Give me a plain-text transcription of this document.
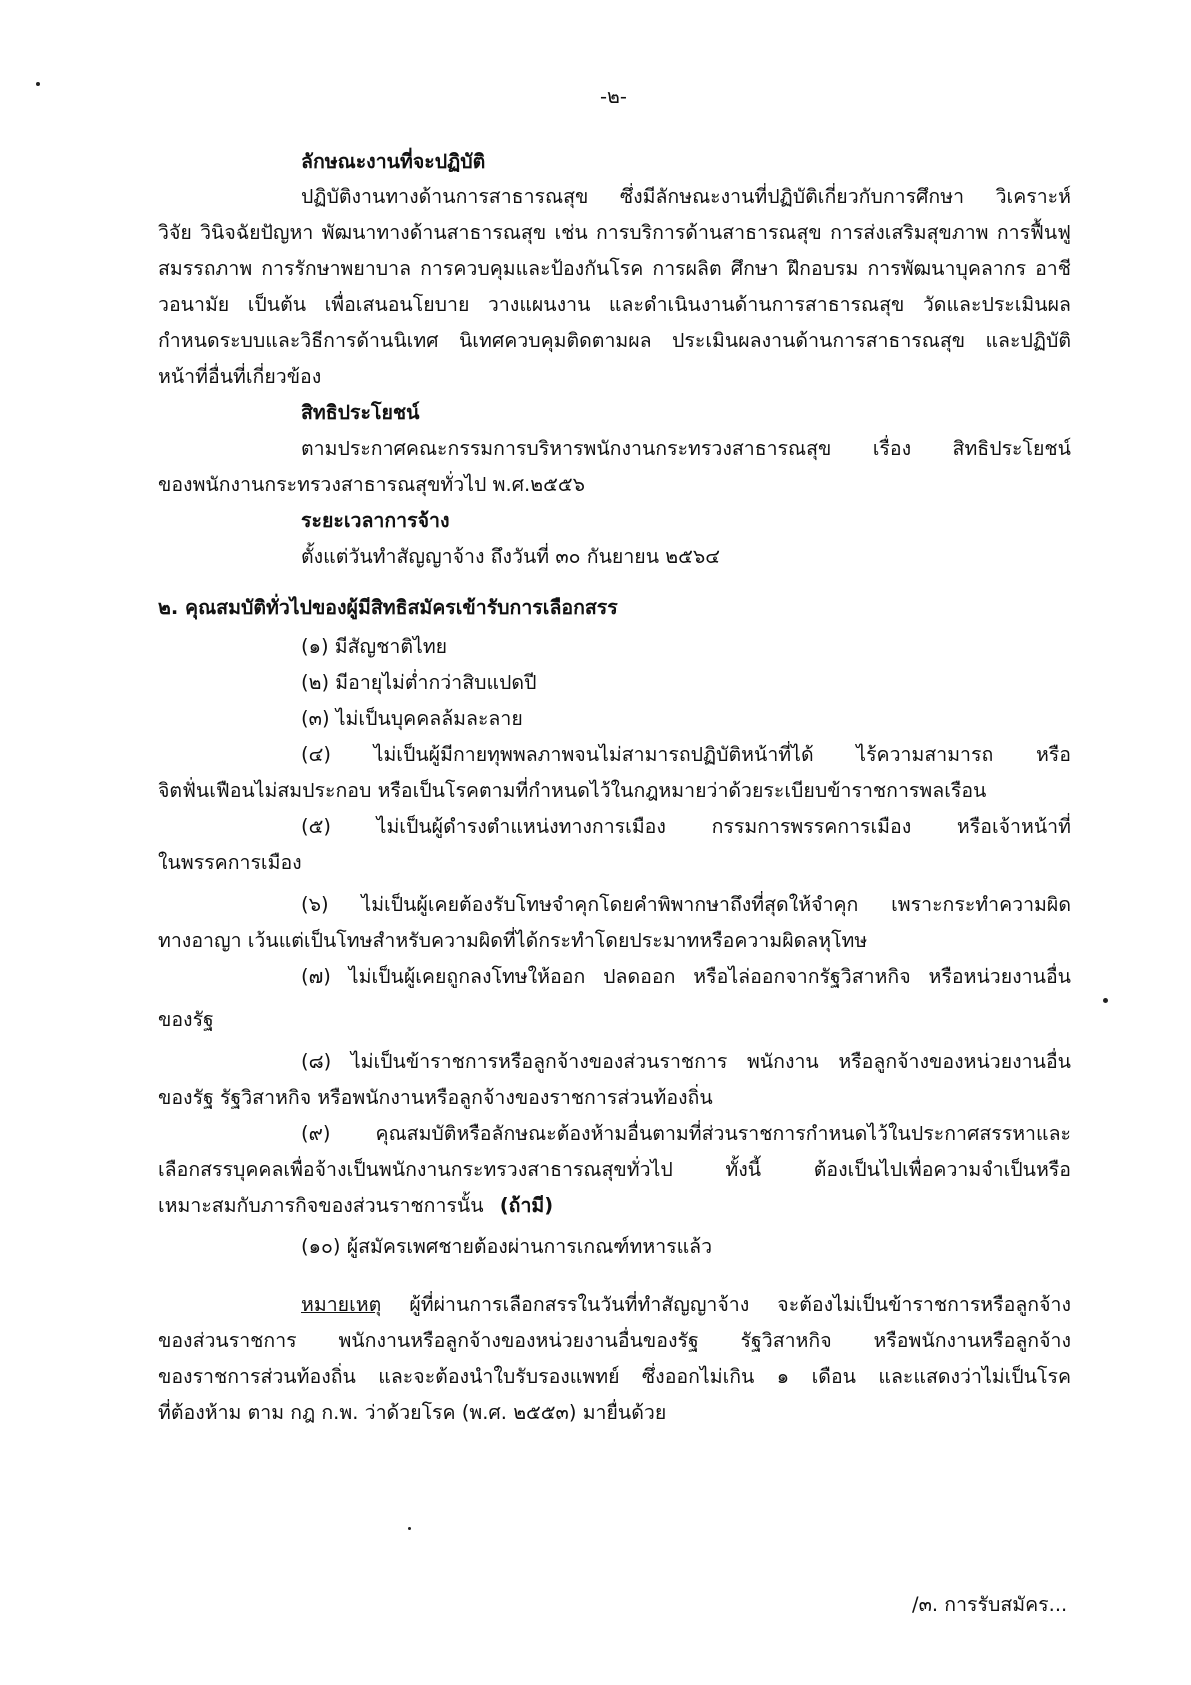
-๒-
ลักษณะงานที่จะปฏิบัติ
ปฏิบัติงานทางด้านการสาธารณสุข ซึ่งมีลักษณะงานที่ปฏิบัติเกี่ยวกับการศึกษา วิเคราะห์
วิจัย วินิจฉัยปัญหา พัฒนาทางด้านสาธารณสุข เช่น การบริการด้านสาธารณสุข การส่งเสริมสุขภาพ การฟื้นฟู
สมรรถภาพ การรักษาพยาบาล การควบคุมและป้องกันโรค การผลิต ศึกษา ฝึกอบรม การพัฒนาบุคลากร อาชี
วอนามัย เป็นต้น เพื่อเสนอนโยบาย วางแผนงาน และดำเนินงานด้านการสาธารณสุข วัดและประเมินผล
กำหนดระบบและวิธีการด้านนิเทศ นิเทศควบคุมติดตามผล ประเมินผลงานด้านการสาธารณสุข และปฏิบัติ
หน้าที่อื่นที่เกี่ยวข้อง
สิทธิประโยชน์
ตามประกาศคณะกรรมการบริหารพนักงานกระทรวงสาธารณสุข เรื่อง สิทธิประโยชน์
ของพนักงานกระทรวงสาธารณสุขทั่วไป พ.ศ.๒๕๕๖
ระยะเวลาการจ้าง
ตั้งแต่วันทำสัญญาจ้าง ถึงวันที่ ๓๐ กันยายน ๒๕๖๔
๒. คุณสมบัติทั่วไปของผู้มีสิทธิสมัครเข้ารับการเลือกสรร
(๑) มีสัญชาติไทย
(๒) มีอายุไม่ต่ำกว่าสิบแปดปี
(๓) ไม่เป็นบุคคลล้มละลาย
(๔) ไม่เป็นผู้มีกายทุพพลภาพจนไม่สามารถปฏิบัติหน้าที่ได้ ไร้ความสามารถ หรือ
จิตฟั่นเฟือนไม่สมประกอบ หรือเป็นโรคตามที่กำหนดไว้ในกฎหมายว่าด้วยระเบียบข้าราชการพลเรือน
(๕) ไม่เป็นผู้ดำรงตำแหน่งทางการเมือง กรรมการพรรคการเมือง หรือเจ้าหน้าที่
ในพรรคการเมือง
(๖) ไม่เป็นผู้เคยต้องรับโทษจำคุกโดยคำพิพากษาถึงที่สุดให้จำคุก เพราะกระทำความผิด
ทางอาญา เว้นแต่เป็นโทษสำหรับความผิดที่ได้กระทำโดยประมาทหรือความผิดลหุโทษ
(๗) ไม่เป็นผู้เคยถูกลงโทษให้ออก ปลดออก หรือไล่ออกจากรัฐวิสาหกิจ หรือหน่วยงานอื่น
ของรัฐ
(๘) ไม่เป็นข้าราชการหรือลูกจ้างของส่วนราชการ พนักงาน หรือลูกจ้างของหน่วยงานอื่น
ของรัฐ รัฐวิสาหกิจ หรือพนักงานหรือลูกจ้างของราชการส่วนท้องถิ่น
(๙) คุณสมบัติหรือลักษณะต้องห้ามอื่นตามที่ส่วนราชการกำหนดไว้ในประกาศสรรหาและ
เลือกสรรบุคคลเพื่อจ้างเป็นพนักงานกระทรวงสาธารณสุขทั่วไป ทั้งนี้ ต้องเป็นไปเพื่อความจำเป็นหรือ
เหมาะสมกับภารกิจของส่วนราชการนั้น (ถ้ามี)
(๑๐) ผู้สมัครเพศชายต้องผ่านการเกณฑ์ทหารแล้ว
หมายเหตุ ผู้ที่ผ่านการเลือกสรรในวันที่ทำสัญญาจ้าง จะต้องไม่เป็นข้าราชการหรือลูกจ้าง
ของส่วนราชการ พนักงานหรือลูกจ้างของหน่วยงานอื่นของรัฐ รัฐวิสาหกิจ หรือพนักงานหรือลูกจ้าง
ของราชการส่วนท้องถิ่น และจะต้องนำใบรับรองแพทย์ ซึ่งออกไม่เกิน ๑ เดือน และแสดงว่าไม่เป็นโรค
ที่ต้องห้าม ตาม กฎ ก.พ. ว่าด้วยโรค (พ.ศ. ๒๕๕๓) มายื่นด้วย
/๓. การรับสมัคร...
